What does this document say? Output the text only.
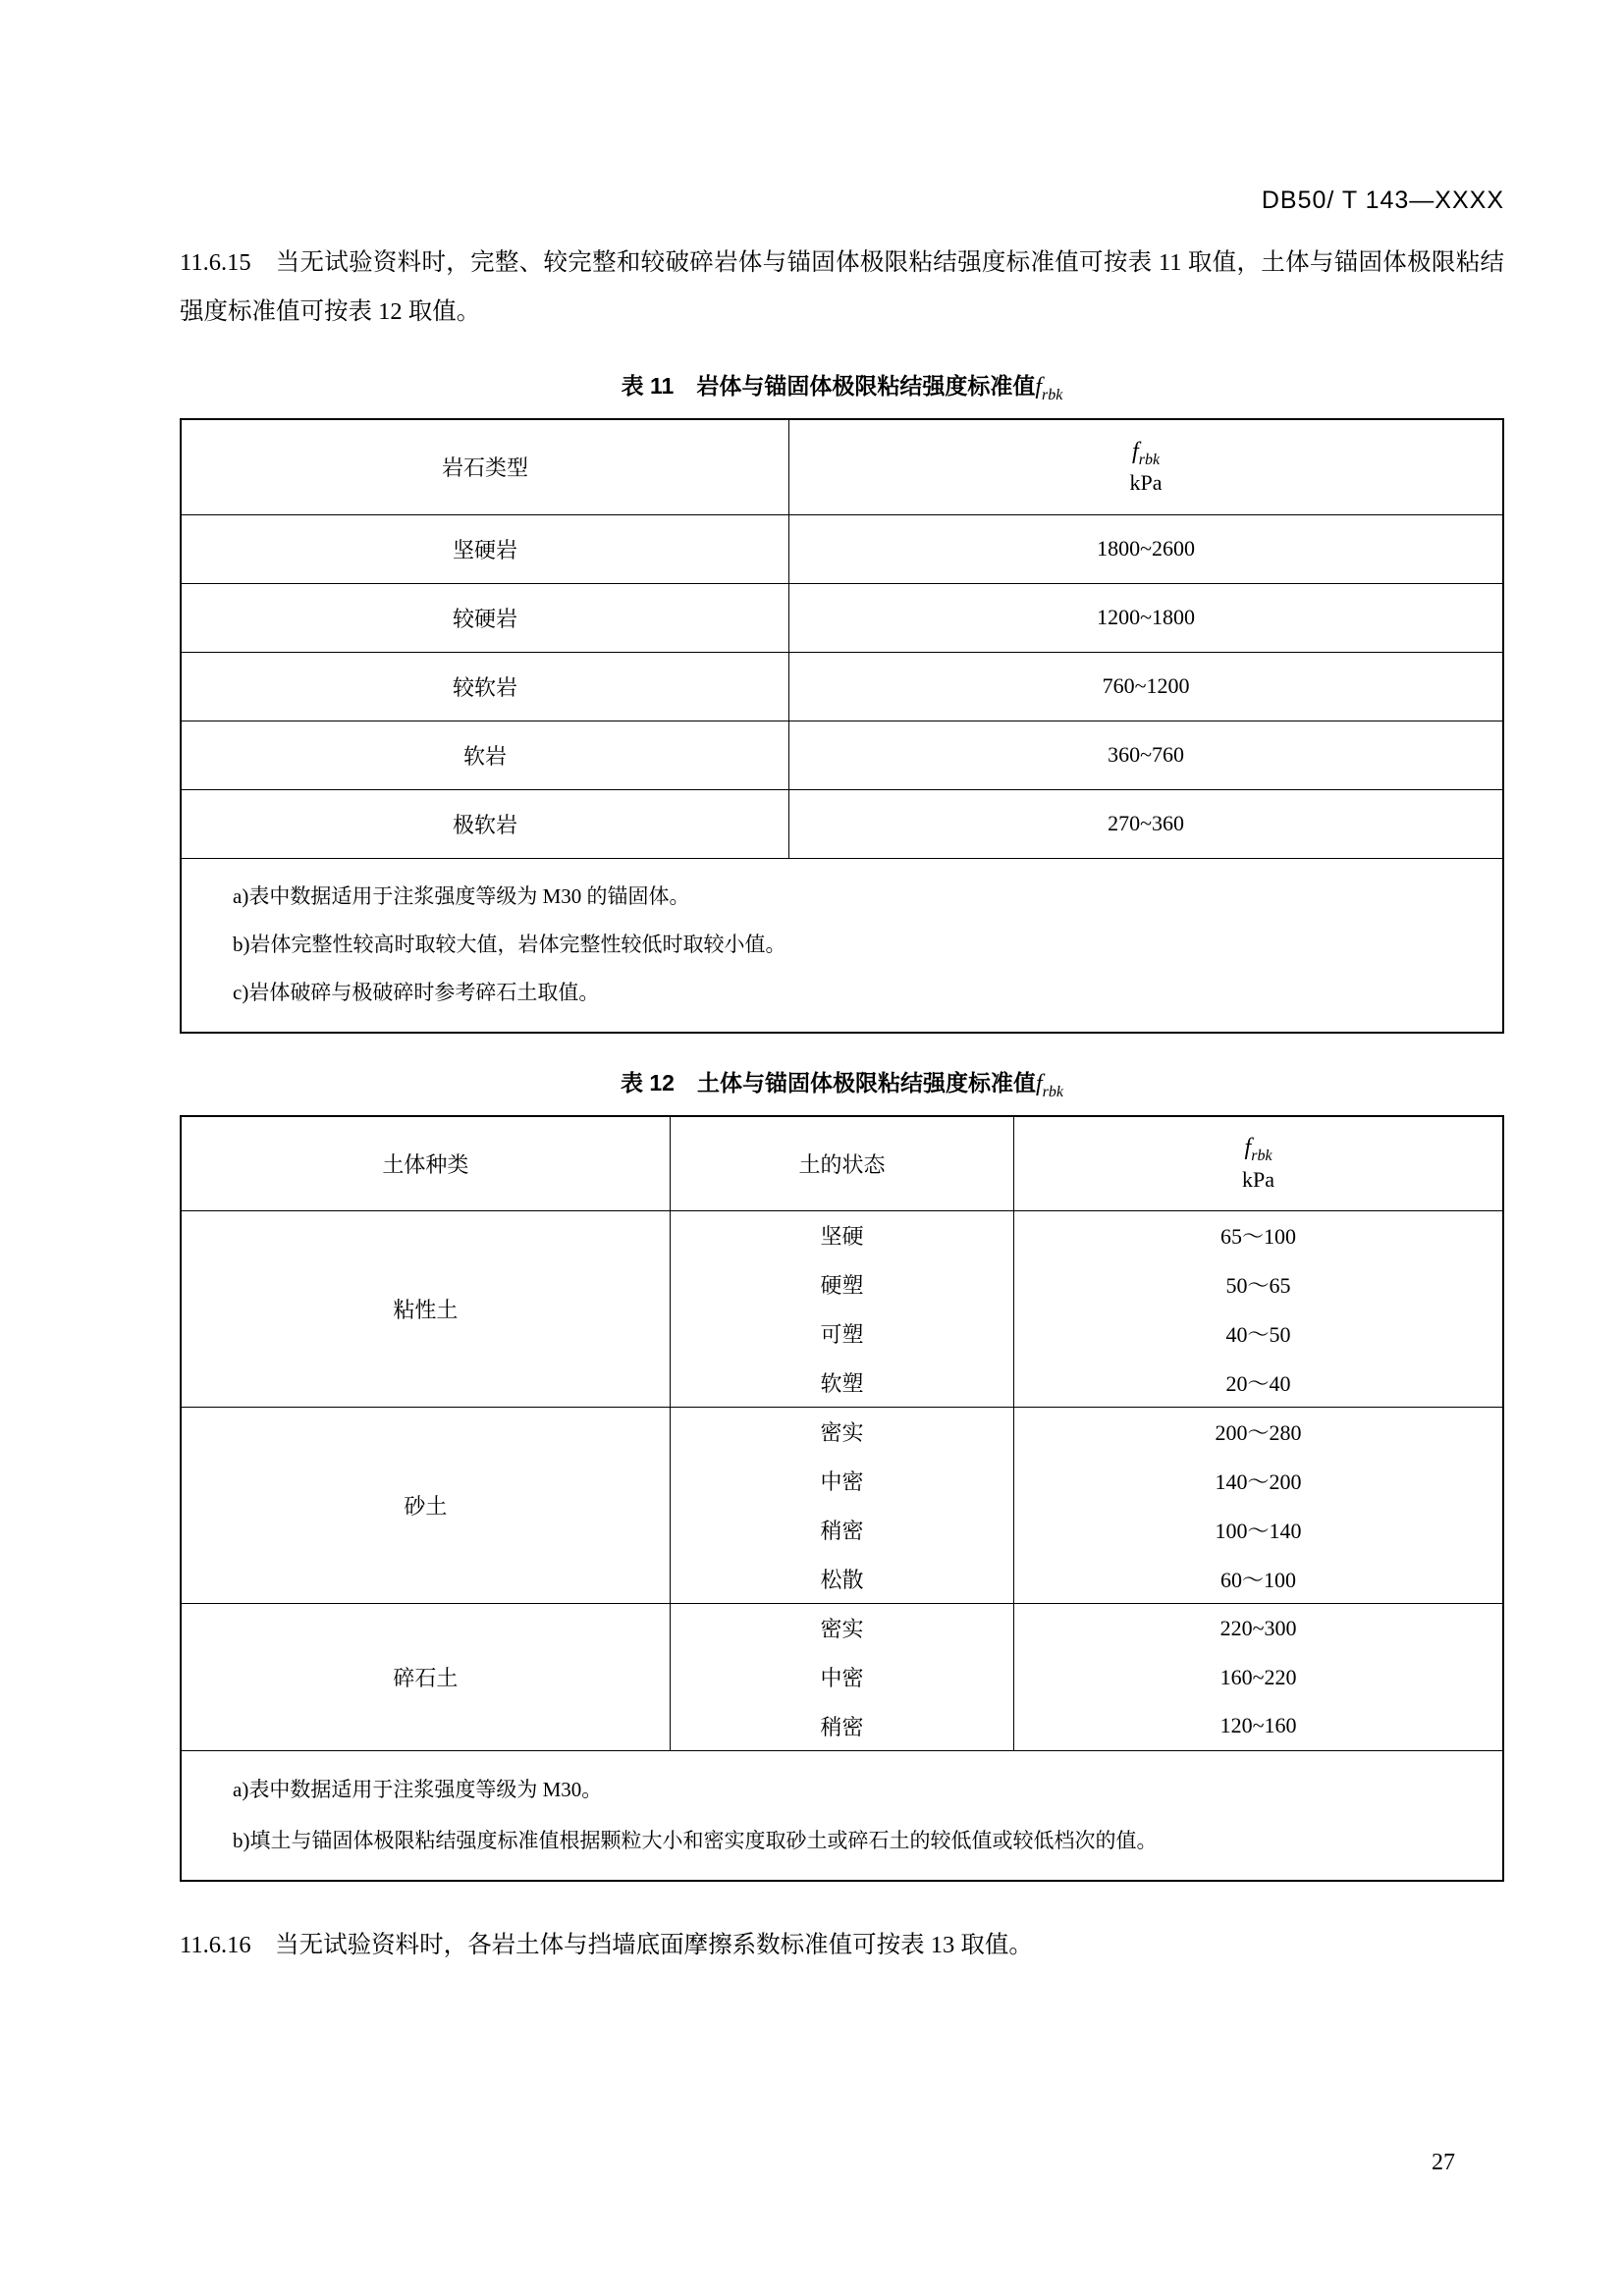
DB50/ T 143—XXXX
11.6.15　当无试验资料时，完整、较完整和较破碎岩体与锚固体极限粘结强度标准值可按表 11 取值，土体与锚固体极限粘结强度标准值可按表 12 取值。
表 11　岩体与锚固体极限粘结强度标准值$f_{rbk}$
岩石类型	$f_{rbk}$
kPa

坚硬岩	1800~2600
较硬岩	1200~1800
较软岩	760~1200
软岩	360~760
极软岩	270~360

a)表中数据适用于注浆强度等级为 M30 的锚固体。
b)岩体完整性较高时取较大值，岩体完整性较低时取较小值。
c)岩体破碎与极破碎时参考碎石土取值。	
表 12　土体与锚固体极限粘结强度标准值$f_{rbk}$
土体种类	土的状态	$f_{rbk}$
kPa

粘性土	坚硬	65～100
	硬塑	50～65
	可塑	40～50
	软塑	20～40
砂土	密实	200～280
	中密	140～200
	稍密	100～140
	松散	60～100
碎石土	密实	220~300
	中密	160~220
	稍密	120~160

a)表中数据适用于注浆强度等级为 M30。
b)填土与锚固体极限粘结强度标准值根据颗粒大小和密实度取砂土或碎石土的较低值或较低档次的值。		
11.6.16　当无试验资料时，各岩土体与挡墙底面摩擦系数标准值可按表 13 取值。
27
